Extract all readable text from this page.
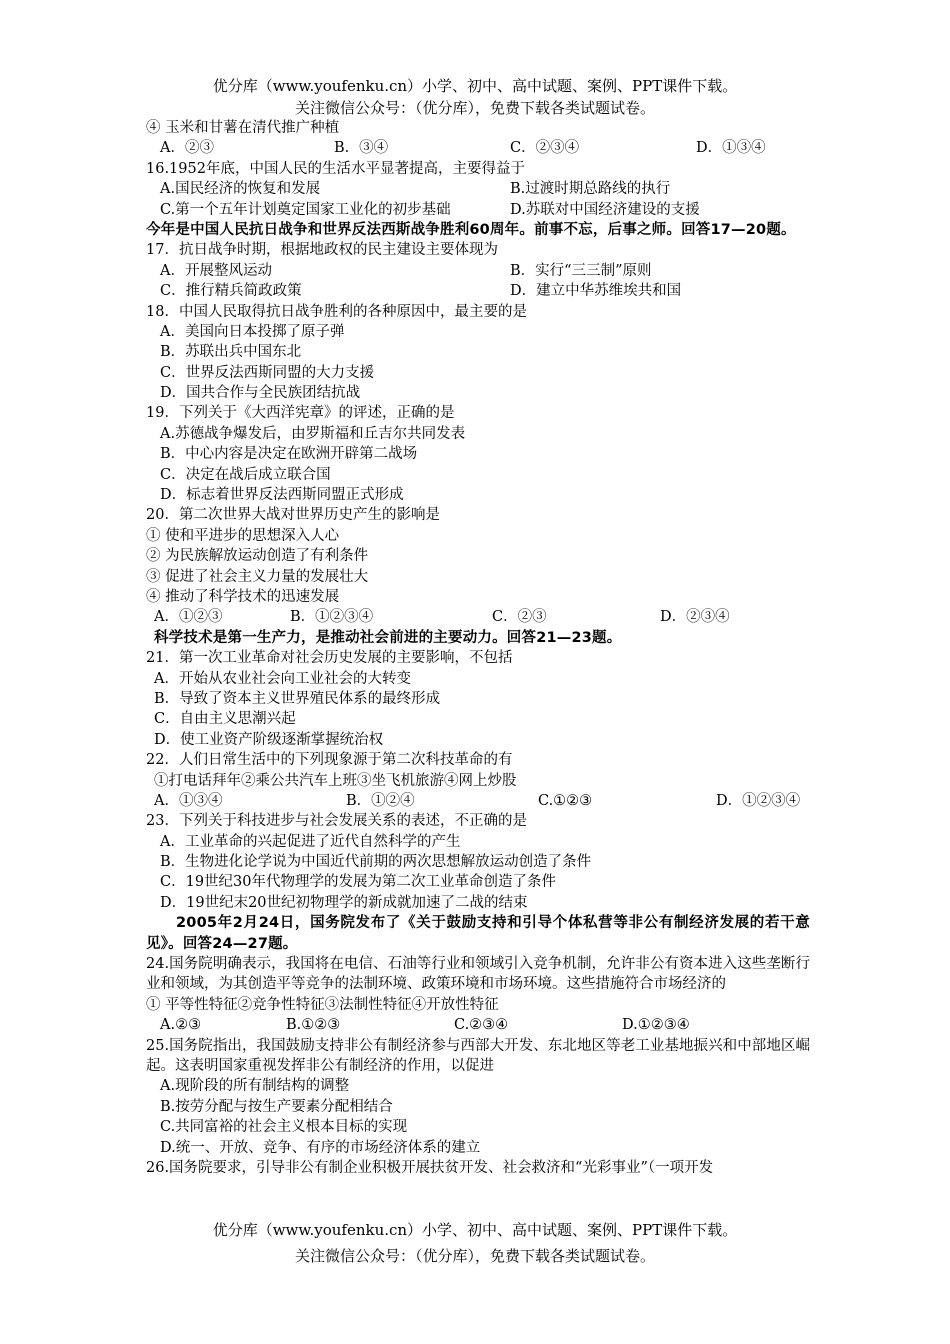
优分库（www.youfenku.cn）小学、初中、高中试题、案例、PPT课件下载。
关注微信公众号：（优分库），免费下载各类试题试卷。
④ 玉米和甘薯在清代推广种植
A．②③	B．③④	C．②③④	D．①③④
16.1952年底，中国人民的生活水平显著提高，主要得益于
A.国民经济的恢复和发展	B.过渡时期总路线的执行
C.第一个五年计划奠定国家工业化的初步基础	D.苏联对中国经济建设的支援
今年是中国人民抗日战争和世界反法西斯战争胜利60周年。前事不忘，后事之师。回答17—20题。
17．抗日战争时期，根据地政权的民主建设主要体现为
A．开展整风运动	B．实行“三三制”原则
C．推行精兵简政政策	D．建立中华苏维埃共和国
18．中国人民取得抗日战争胜利的各种原因中，最主要的是
A．美国向日本投掷了原子弹
B．苏联出兵中国东北
C．世界反法西斯同盟的大力支援
D．国共合作与全民族团结抗战
19．下列关于《大西洋宪章》的评述，正确的是
A.苏德战争爆发后，由罗斯福和丘吉尔共同发表
B．中心内容是决定在欧洲开辟第二战场
C．决定在战后成立联合国
D．标志着世界反法西斯同盟正式形成
20．第二次世界大战对世界历史产生的影响是
① 使和平进步的思想深入人心
② 为民族解放运动创造了有利条件
③ 促进了社会主义力量的发展壮大
④ 推动了科学技术的迅速发展
A．①②③	B．①②③④	C．②③	D．②③④
科学技术是第一生产力，是推动社会前进的主要动力。回答21—23题。
21．第一次工业革命对社会历史发展的主要影响，不包括
A．开始从农业社会向工业社会的大转变
B．导致了资本主义世界殖民体系的最终形成
C．自由主义思潮兴起
D．使工业资产阶级逐渐掌握统治权
22．人们日常生活中的下列现象源于第二次科技革命的有
①打电话拜年②乘公共汽车上班③坐飞机旅游④网上炒股
A．①③④	B．①②④	C.①②③	D．①②③④
23．下列关于科技进步与社会发展关系的表述，不正确的是
A．工业革命的兴起促进了近代自然科学的产生
B．生物进化论学说为中国近代前期的两次思想解放运动创造了条件
C．19世纪30年代物理学的发展为第二次工业革命创造了条件
D．19世纪末20世纪初物理学的新成就加速了二战的结束
2005年2月24日，国务院发布了《关于鼓励支持和引导个体私营等非公有制经济发展的若干意见》。回答24—27题。
24.国务院明确表示，我国将在电信、石油等行业和领域引入竞争机制，允许非公有资本进入这些垄断行业和领域，为其创造平等竞争的法制环境、政策环境和市场环境。这些措施符合市场经济的
① 平等性特征②竞争性特征③法制性特征④开放性特征
A.②③	B.①②③	C.②③④	D.①②③④
25.国务院指出，我国鼓励支持非公有制经济参与西部大开发、东北地区等老工业基地振兴和中部地区崛起。这表明国家重视发挥非公有制经济的作用，以促进
A.现阶段的所有制结构的调整
B.按劳分配与按生产要素分配相结合
C.共同富裕的社会主义根本目标的实现
D.统一、开放、竞争、有序的市场经济体系的建立
26.国务院要求，引导非公有制企业积极开展扶贫开发、社会救济和“光彩事业”（一项开发
优分库（www.youfenku.cn）小学、初中、高中试题、案例、PPT课件下载。
关注微信公众号：（优分库），免费下载各类试题试卷。
